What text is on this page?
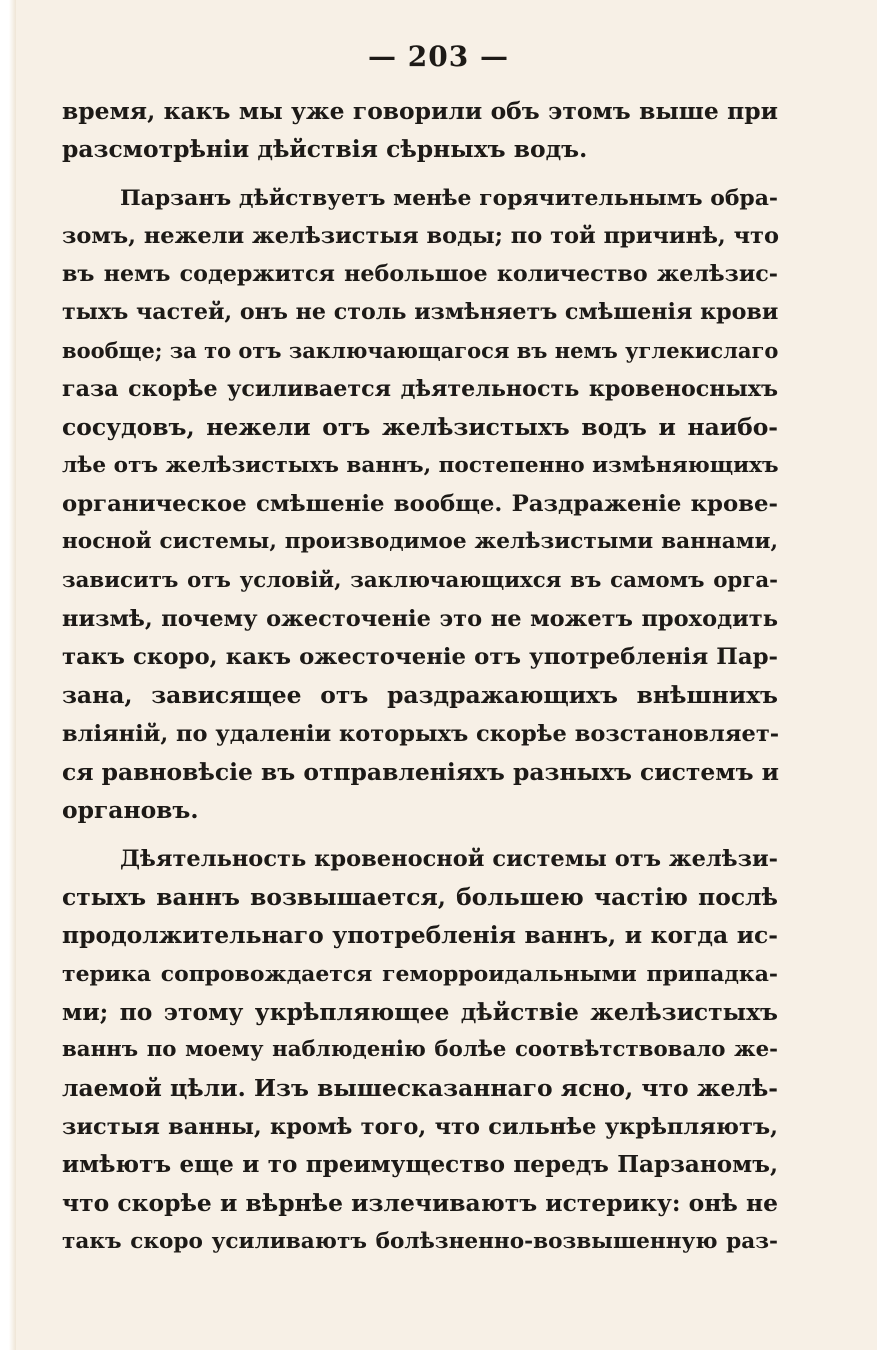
— 203 —
время, какъ мы уже говорили объ этомъ выше при
разсмотрѣніи дѣйствія сѣрныхъ водъ.
Парзанъ дѣйствуетъ менѣе горячительнымъ обра-
зомъ, нежели желѣзистыя воды; по той причинѣ, что
въ немъ содержится небольшое количество желѣзис-
тыхъ частей, онъ не столь измѣняетъ смѣшенія крови
вообще; за то отъ заключающагося въ немъ углекислаго
газа скорѣе усиливается дѣятельность кровеносныхъ
сосудовъ, нежели отъ желѣзистыхъ водъ и наибо-
лѣе отъ желѣзистыхъ ваннъ, постепенно измѣняющихъ
органическое смѣшеніе вообще. Раздраженіе крове-
носной системы, производимое желѣзистыми ваннами,
зависитъ отъ условій, заключающихся въ самомъ орга-
низмѣ, почему ожесточеніе это не можетъ проходить
такъ скоро, какъ ожесточеніе отъ употребленія Пар-
зана, зависящее отъ раздражающихъ внѣшнихъ
вліяній, по удаленіи которыхъ скорѣе возстановляет-
ся равновѣсіе въ отправленіяхъ разныхъ системъ и
органовъ.
Дѣятельность кровеносной системы отъ желѣзи-
стыхъ ваннъ возвышается, большею частію послѣ
продолжительнаго употребленія ваннъ, и когда ис-
терика сопровождается геморроидальными припадка-
ми; по этому укрѣпляющее дѣйствіе желѣзистыхъ
ваннъ по моему наблюденію болѣе соотвѣтствовало же-
лаемой цѣли. Изъ вышесказаннаго ясно, что желѣ-
зистыя ванны, кромѣ того, что сильнѣе укрѣпляютъ,
имѣютъ еще и то преимущество передъ Парзаномъ,
что скорѣе и вѣрнѣе излечиваютъ истерику: онѣ не
такъ скоро усиливаютъ болѣзненно-возвышенную раз-
